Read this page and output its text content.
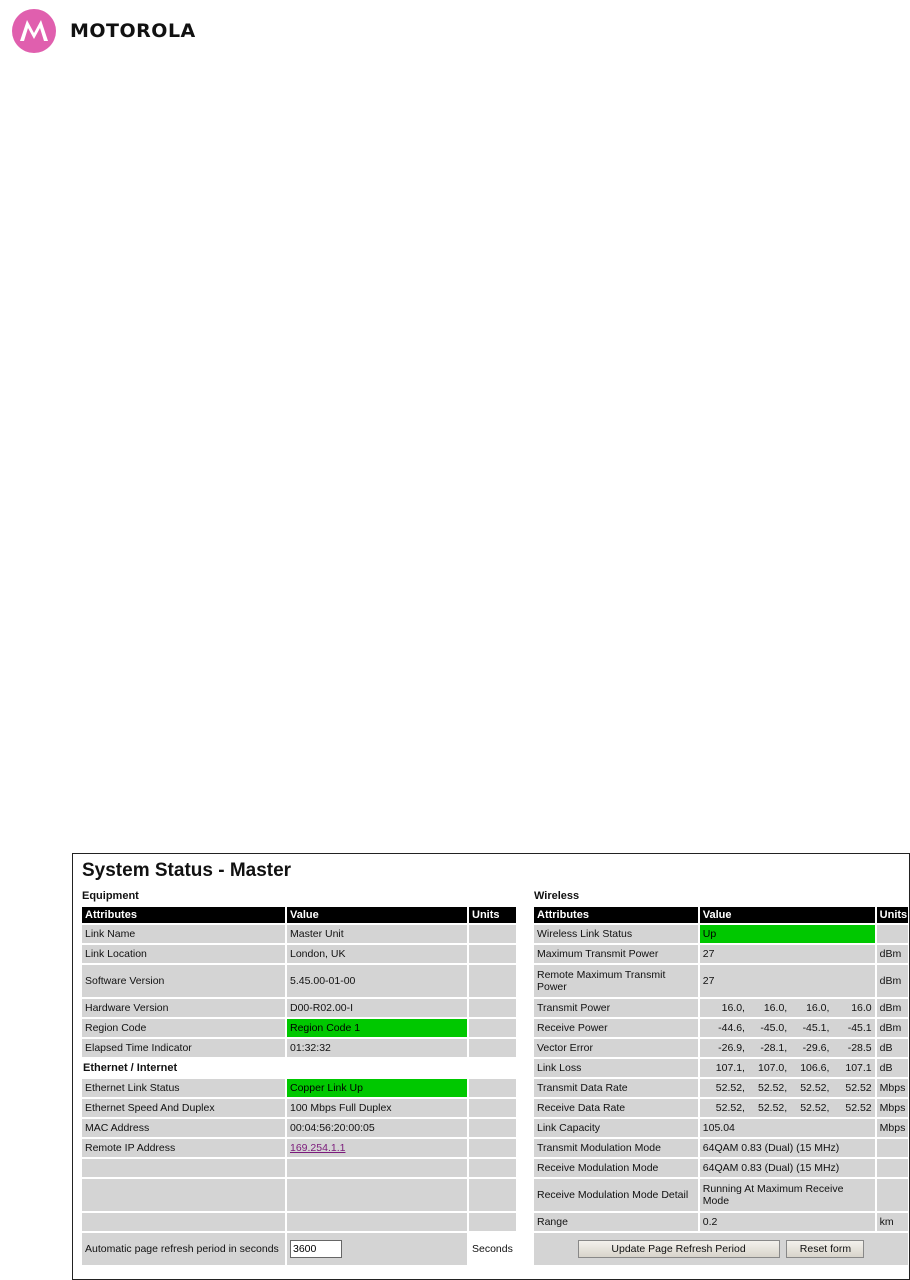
MOTOROLA
System Status - Master
Equipment
Attributes	Value	Units
Link Name	Master Unit	
Link Location	London, UK	
Software Version	5.45.00-01-00	
Hardware Version	D00-R02.00-I	
Region Code	Region Code 1	
Elapsed Time Indicator	01:32:32	
Ethernet / Internet		
Ethernet Link Status	Copper Link Up	
Ethernet Speed And Duplex	100 Mbps Full Duplex	
MAC Address	00:04:56:20:00:05	
Remote IP Address	169.254.1.1	

Automatic page refresh period in seconds	3600	Seconds
Wireless
Attributes	Value	Units
Wireless Link Status	Up	
Maximum Transmit Power	27	dBm
Remote Maximum Transmit Power	27	dBm
Transmit Power	16.0, 16.0, 16.0, 16.0	dBm
Receive Power	-44.6, -45.0, -45.1, -45.1	dBm
Vector Error	-26.9, -28.1, -29.6, -28.5	dB
Link Loss	107.1, 107.0, 106.6, 107.1	dB
Transmit Data Rate	52.52, 52.52, 52.52, 52.52	Mbps
Receive Data Rate	52.52, 52.52, 52.52, 52.52	Mbps
Link Capacity	105.04	Mbps
Transmit Modulation Mode	64QAM 0.83 (Dual) (15 MHz)	
Receive Modulation Mode	64QAM 0.83 (Dual) (15 MHz)	
Receive Modulation Mode Detail	Running At Maximum Receive Mode	
Range	0.2	km
Update Page Refresh Period Reset form		
